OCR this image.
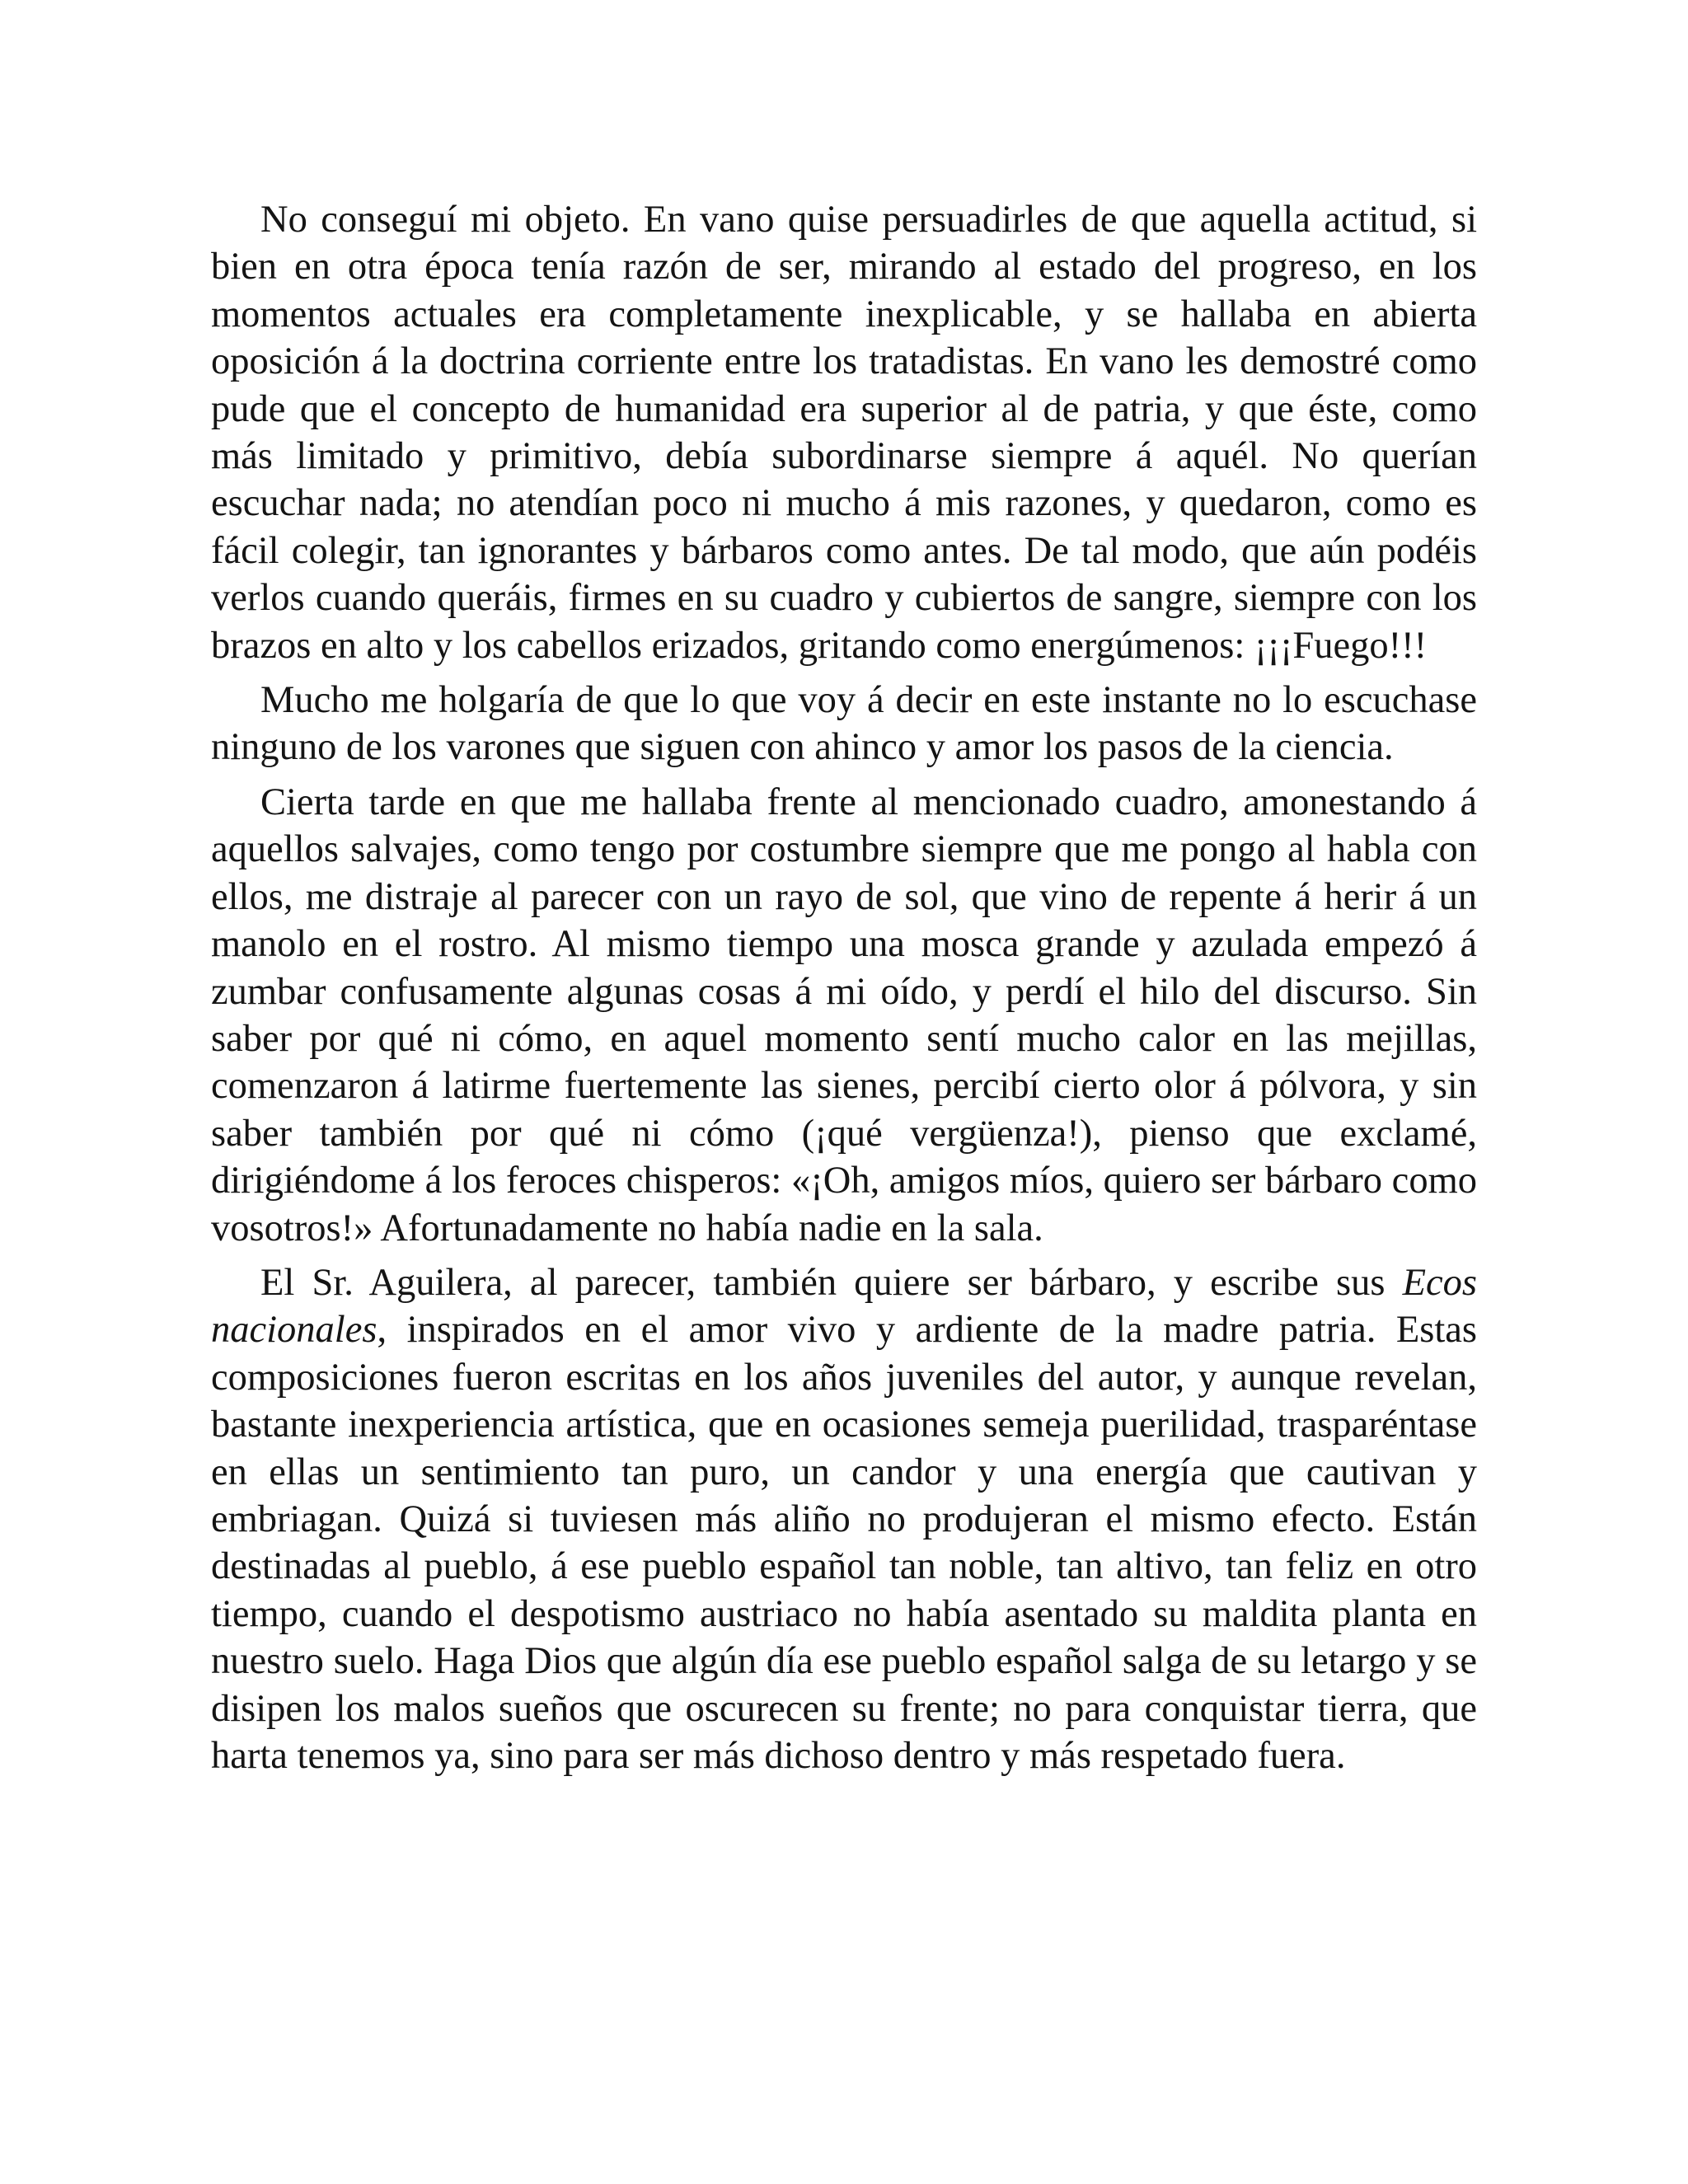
No conseguí mi objeto. En vano quise persuadirles de que aquella actitud, si bien en otra época tenía razón de ser, mirando al estado del progreso, en los momentos actuales era completamente inexplicable, y se hallaba en abierta oposición á la doctrina corriente entre los tratadistas. En vano les demostré como pude que el concepto de humanidad era superior al de patria, y que éste, como más limitado y primitivo, debía subordinarse siempre á aquél. No querían escuchar nada; no atendían poco ni mucho á mis razones, y quedaron, como es fácil colegir, tan ignorantes y bárbaros como antes. De tal modo, que aún podéis verlos cuando queráis, firmes en su cuadro y cubiertos de sangre, siempre con los brazos en alto y los cabellos erizados, gritando como energúmenos: ¡¡¡Fuego!!!

Mucho me holgaría de que lo que voy á decir en este instante no lo escuchase ninguno de los varones que siguen con ahinco y amor los pasos de la ciencia.

Cierta tarde en que me hallaba frente al mencionado cuadro, amonestando á aquellos salvajes, como tengo por costumbre siempre que me pongo al habla con ellos, me distraje al parecer con un rayo de sol, que vino de repente á herir á un manolo en el rostro. Al mismo tiempo una mosca grande y azulada empezó á zumbar confusamente algunas cosas á mi oído, y perdí el hilo del discurso. Sin saber por qué ni cómo, en aquel momento sentí mucho calor en las mejillas, comenzaron á latirme fuertemente las sienes, percibí cierto olor á pólvora, y sin saber también por qué ni cómo (¡qué vergüenza!), pienso que exclamé, dirigiéndome á los feroces chisperos: «¡Oh, amigos míos, quiero ser bárbaro como vosotros!» Afortunadamente no había nadie en la sala.

El Sr. Aguilera, al parecer, también quiere ser bárbaro, y escribe sus Ecos nacionales, inspirados en el amor vivo y ardiente de la madre patria. Estas composiciones fueron escritas en los años juveniles del autor, y aunque revelan, bastante inexperiencia artística, que en ocasiones semeja puerilidad, trasparéntase en ellas un sentimiento tan puro, un candor y una energía que cautivan y embriagan. Quizá si tuviesen más aliño no produjeran el mismo efecto. Están destinadas al pueblo, á ese pueblo español tan noble, tan altivo, tan feliz en otro tiempo, cuando el despotismo austriaco no había asentado su maldita planta en nuestro suelo. Haga Dios que algún día ese pueblo español salga de su letargo y se disipen los malos sueños que oscurecen su frente; no para conquistar tierra, que harta tenemos ya, sino para ser más dichoso dentro y más respetado fuera.
